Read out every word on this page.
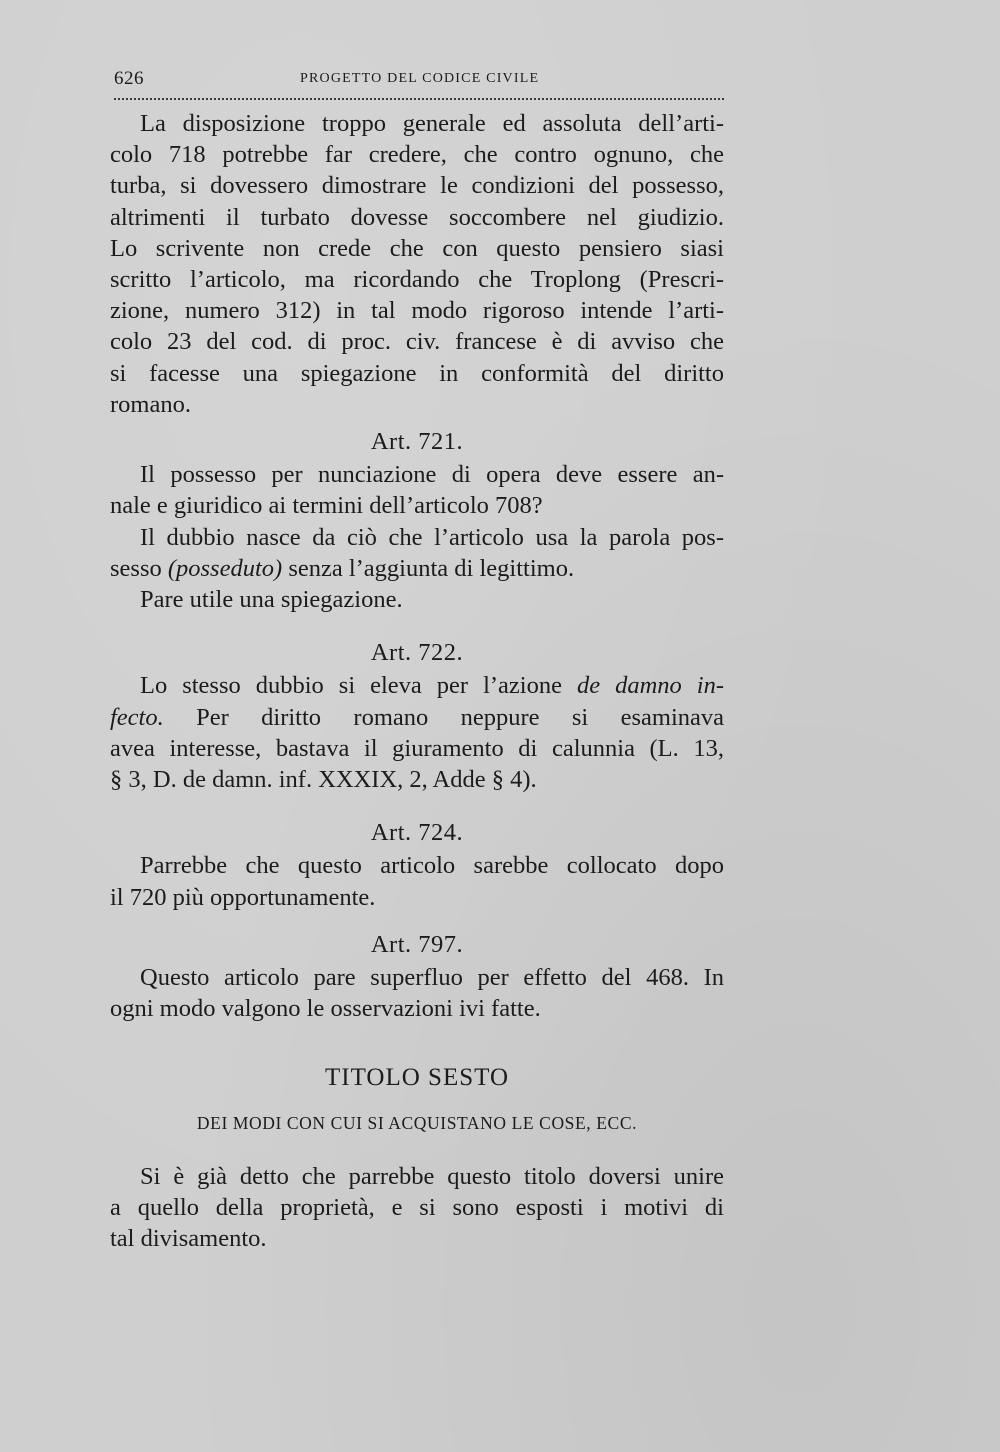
626	PROGETTO DEL CODICE CIVILE
La disposizione troppo generale ed assoluta dell’arti-
colo 718 potrebbe far credere, che contro ognuno, che
turba, si dovessero dimostrare le condizioni del possesso,
altrimenti il turbato dovesse soccombere nel giudizio.
Lo scrivente non crede che con questo pensiero siasi
scritto l’articolo, ma ricordando che Troplong (Prescri-
zione, numero 312) in tal modo rigoroso intende l’arti-
colo 23 del cod. di proc. civ. francese è di avviso che
si facesse una spiegazione in conformità del diritto
romano.
Art. 721.
Il possesso per nunciazione di opera deve essere an-
nale e giuridico ai termini dell’articolo 708?
Il dubbio nasce da ciò che l’articolo usa la parola pos-
sesso (posseduto) senza l’aggiunta di legittimo.
Pare utile una spiegazione.
Art. 722.
Lo stesso dubbio si eleva per l’azione de damno in-
fecto. Per diritto romano neppure si esaminava
avea interesse, bastava il giuramento di calunnia (L. 13,
§ 3, D. de damn. inf. XXXIX, 2, Adde § 4).
Art. 724.
Parrebbe che questo articolo sarebbe collocato dopo
il 720 più opportunamente.
Art. 797.
Questo articolo pare superfluo per effetto del 468. In
ogni modo valgono le osservazioni ivi fatte.
TITOLO SESTO
DEI MODI CON CUI SI ACQUISTANO LE COSE, ECC.
Si è già detto che parrebbe questo titolo doversi unire
a quello della proprietà, e si sono esposti i motivi di
tal divisamento.
